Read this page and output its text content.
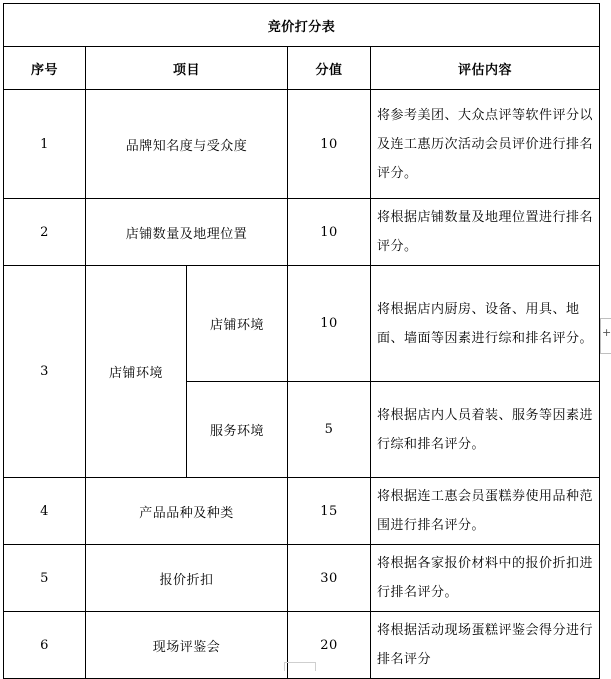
竞价打分表				
序号	项目		分值	评估内容
1	品牌知名度与受众度		10	将参考美团、大众点评等软件评分以及连工惠历次活动会员评价进行排名评分。
2	店铺数量及地理位置		10	将根据店铺数量及地理位置进行排名评分。
3	店铺环境	店铺环境	10	将根据店内厨房、设备、用具、地面、墙面等因素进行综和排名评分。
		服务环境	5	将根据店内人员着装、服务等因素进行综和排名评分。
4	产品品种及种类		15	将根据连工惠会员蛋糕券使用品种范围进行排名评分。
5	报价折扣		30	将根据各家报价材料中的报价折扣进行排名评分。
6	现场评鉴会		20	将根据活动现场蛋糕评鉴会得分进行排名评分
+
